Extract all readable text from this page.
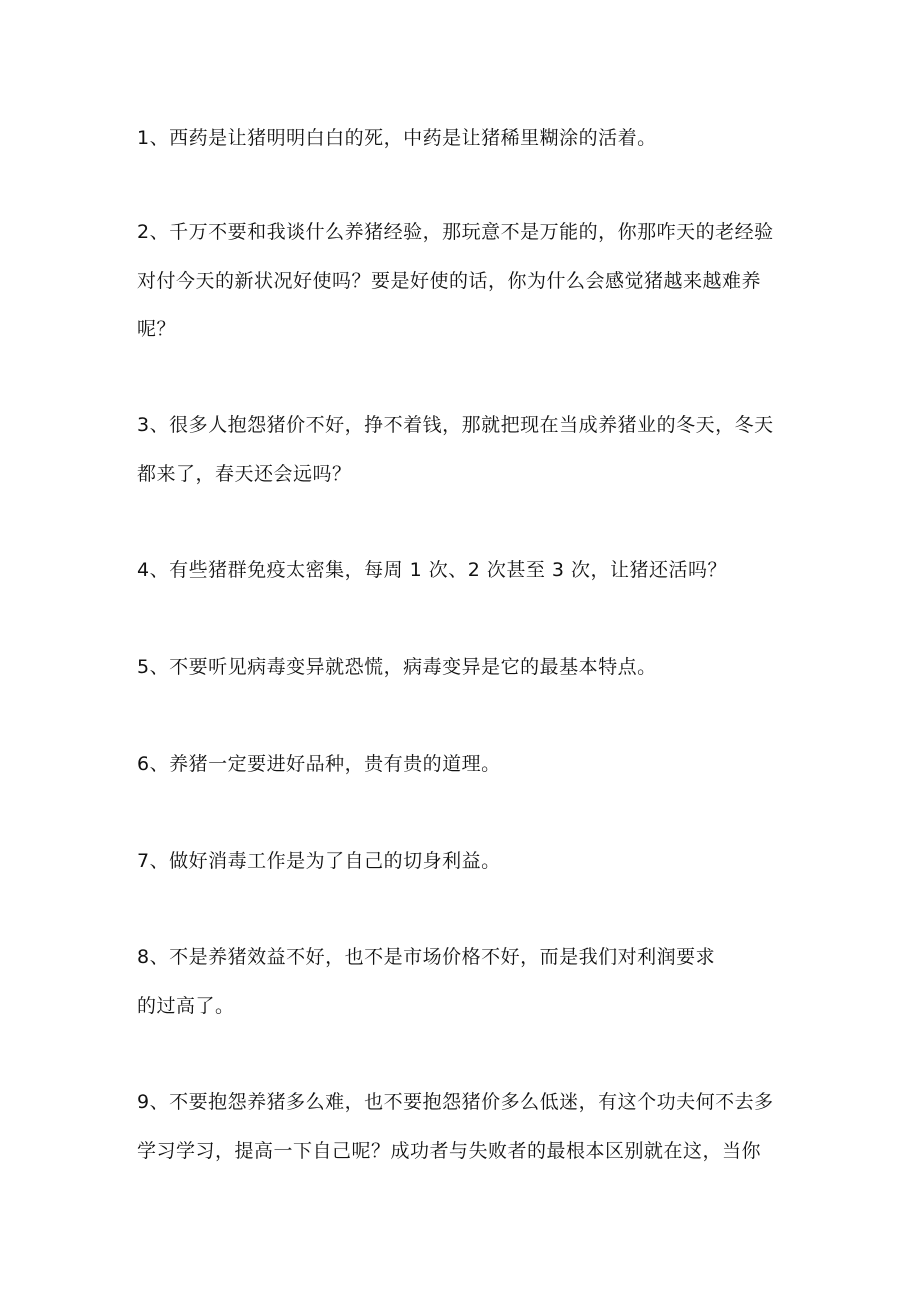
1、西药是让猪明明白白的死，中药是让猪稀里糊涂的活着。
2、千万不要和我谈什么养猪经验，那玩意不是万能的，你那咋天的老经验
对付今天的新状况好使吗？要是好使的话，你为什么会感觉猪越来越难养
呢？
3、很多人抱怨猪价不好，挣不着钱，那就把现在当成养猪业的冬天，冬天
都来了，春天还会远吗？
4、有些猪群免疫太密集，每周 1 次、2 次甚至 3 次，让猪还活吗？
5、不要听见病毒变异就恐慌，病毒变异是它的最基本特点。
6、养猪一定要进好品种，贵有贵的道理。
7、做好消毒工作是为了自己的切身利益。
8、不是养猪效益不好，也不是市场价格不好，而是我们对利润要求
的过高了。
9、不要抱怨养猪多么难，也不要抱怨猪价多么低迷，有这个功夫何不去多
学习学习，提高一下自己呢？成功者与失败者的最根本区别就在这，当你
